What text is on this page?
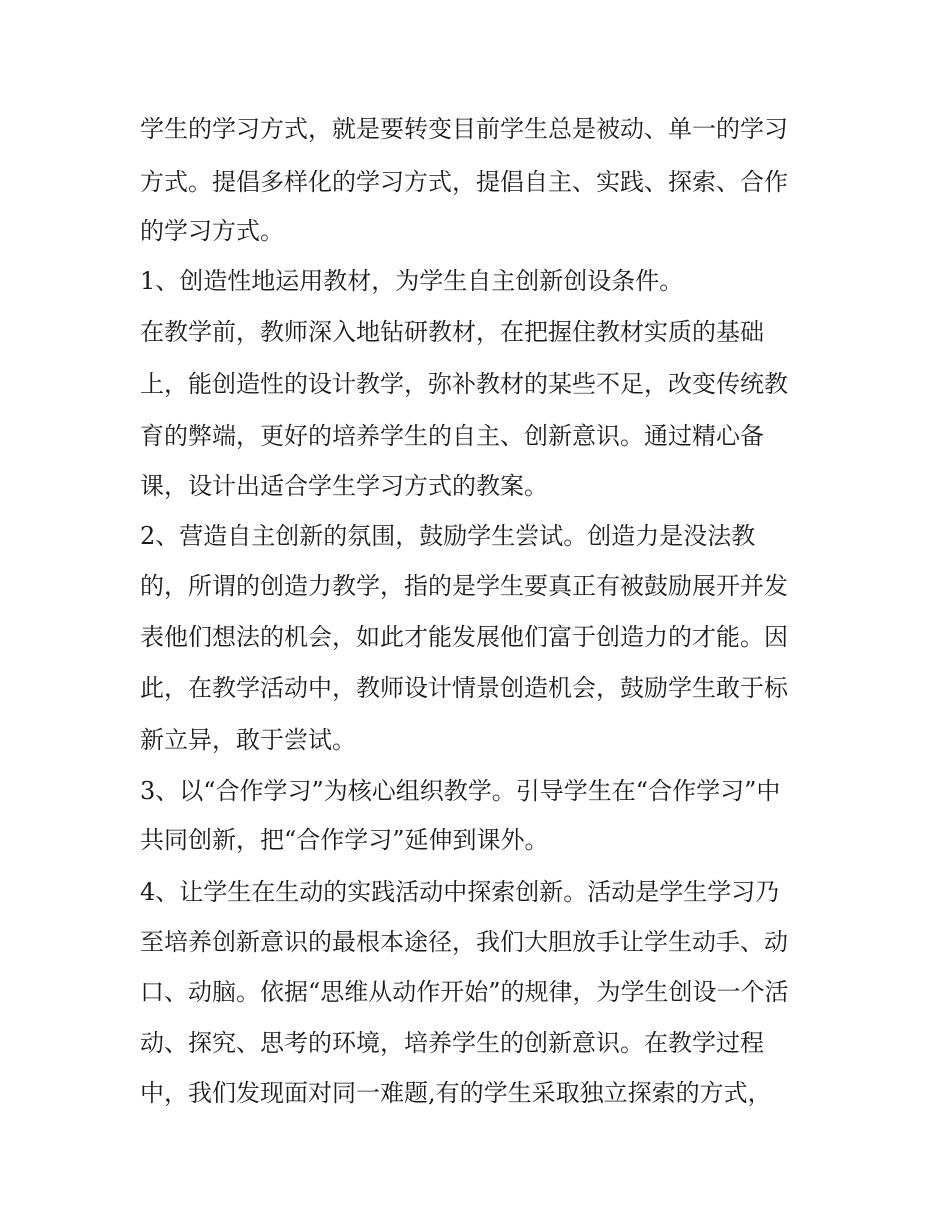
学生的学习方式，就是要转变目前学生总是被动、单一的学习

方式。提倡多样化的学习方式，提倡自主、实践、探索、合作

的学习方式。

1、创造性地运用教材，为学生自主创新创设条件。

在教学前，教师深入地钻研教材，在把握住教材实质的基础

上，能创造性的设计教学，弥补教材的某些不足，改变传统教

育的弊端，更好的培养学生的自主、创新意识。通过精心备

课，设计出适合学生学习方式的教案。

2、营造自主创新的氛围，鼓励学生尝试。创造力是没法教

的，所谓的创造力教学，指的是学生要真正有被鼓励展开并发

表他们想法的机会，如此才能发展他们富于创造力的才能。因

此，在教学活动中，教师设计情景创造机会，鼓励学生敢于标

新立异，敢于尝试。

3、以“合作学习”为核心组织教学。引导学生在“合作学习”中

共同创新，把“合作学习”延伸到课外。

4、让学生在生动的实践活动中探索创新。活动是学生学习乃

至培养创新意识的最根本途径，我们大胆放手让学生动手、动

口、动脑。依据“思维从动作开始”的规律，为学生创设一个活

动、探究、思考的环境，培养学生的创新意识。在教学过程

中，我们发现面对同一难题,有的学生采取独立探索的方式，
